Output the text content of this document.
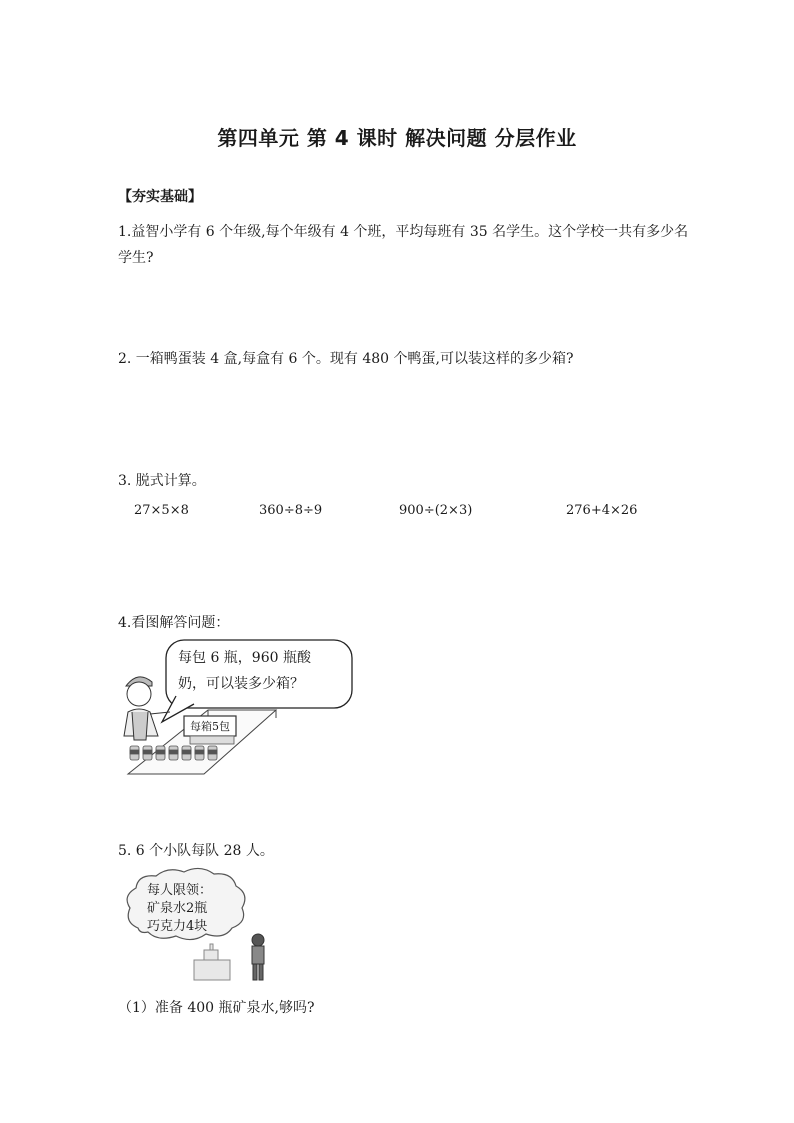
第四单元 第 4 课时 解决问题 分层作业
【夯实基础】
1.益智小学有 6 个年级,每个年级有 4 个班，平均每班有 35 名学生。这个学校一共有多少名
学生?
2. 一箱鸭蛋装 4 盒,每盒有 6 个。现有 480 个鸭蛋,可以装这样的多少箱?
3. 脱式计算。
27×5×8	360÷8÷9	900÷(2×3)	276+4×26
4.看图解答问题：
每包 6 瓶，960 瓶酸
奶，可以装多少箱？
每箱5包
5. 6 个小队每队 28 人。
每人限领：
矿泉水2瓶
巧克力4块
（1）准备 400 瓶矿泉水,够吗?
